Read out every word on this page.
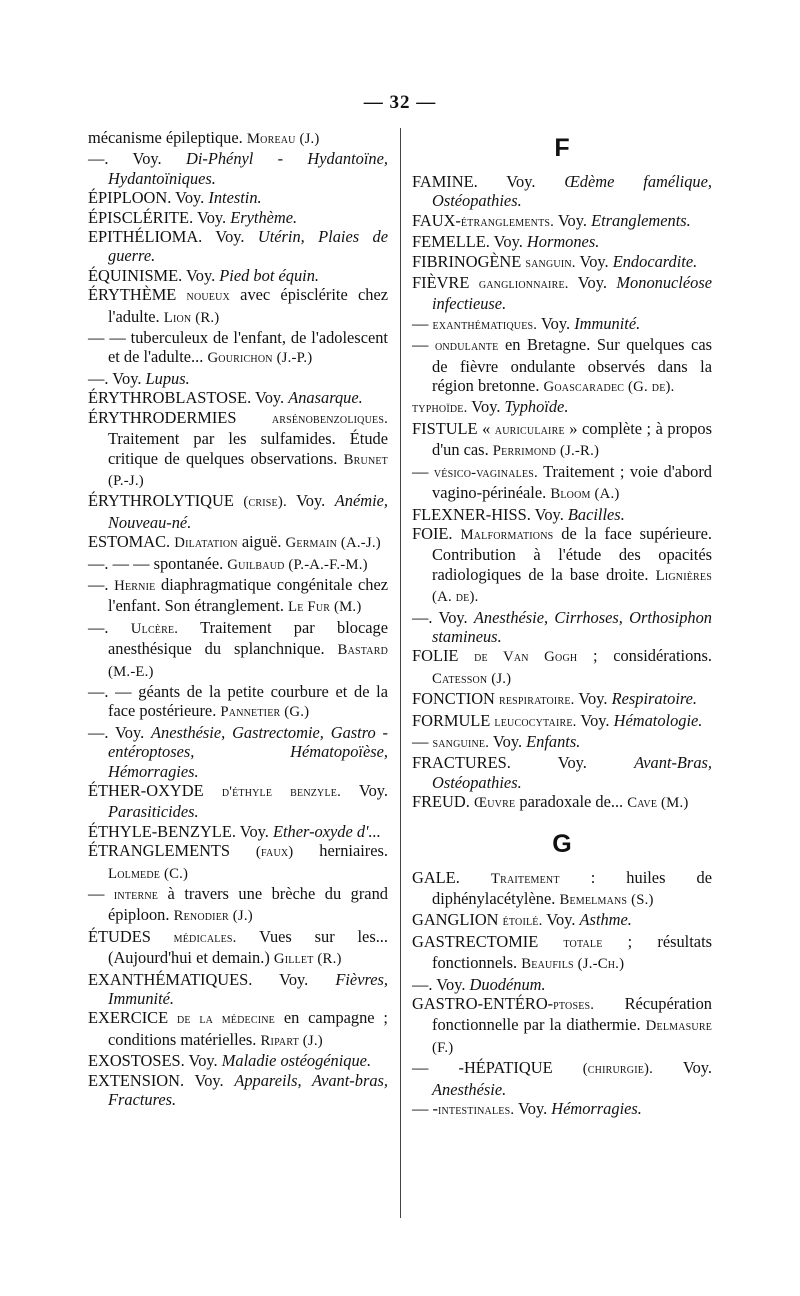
— 32 —

mécanisme épileptique. Moreau (J.)

—. Voy. Di-Phényl - Hydantoïne, Hydantoïniques.

ÉPIPLOON. Voy. Intestin.

ÉPISCLÉRITE. Voy. Erythème.

EPITHÉLIOMA. Voy. Utérin, Plaies de guerre.

ÉQUINISME. Voy. Pied bot équin.

ÉRYTHÈME noueux avec épisclérite chez l'adulte. Lion (R.)

— — tuberculeux de l'enfant, de l'adolescent et de l'adulte... Gourichon (J.-P.)

—. Voy. Lupus.

ÉRYTHROBLASTOSE. Voy. Anasarque.

ÉRYTHRODERMIES arsénobenzoliques. Traitement par les sulfamides. Étude critique de quelques observations. Brunet (P.-J.)

ÉRYTHROLYTIQUE (crise). Voy. Anémie, Nouveau-né.

ESTOMAC. Dilatation aiguë. Germain (A.-J.)

—. — — spontanée. Guilbaud (P.-A.-F.-M.)

—. Hernie diaphragmatique congénitale chez l'enfant. Son étranglement. Le Fur (M.)

—. Ulcère. Traitement par blocage anesthésique du splanchnique. Bastard (M.-E.)

—. — géants de la petite courbure et de la face postérieure. Pannetier (G.)

—. Voy. Anesthésie, Gastrectomie, Gastro - entéroptoses, Hématopoïèse, Hémorragies.

ÉTHER-OXYDE d'éthyle benzyle. Voy. Parasiticides.

ÉTHYLE-BENZYLE. Voy. Ether-oxyde d'...

ÉTRANGLEMENTS (faux) herniaires. Lolmede (C.)

— interne à travers une brèche du grand épiploon. Renodier (J.)

ÉTUDES médicales. Vues sur les... (Aujourd'hui et demain.) Gillet (R.)

EXANTHÉMATIQUES. Voy. Fièvres, Immunité.

EXERCICE de la médecine en campagne ; conditions matérielles. Ripart (J.)

EXOSTOSES. Voy. Maladie ostéogénique.

EXTENSION. Voy. Appareils, Avant-bras, Fractures.

F

FAMINE. Voy. Œdème famélique, Ostéopathies.

FAUX-étranglements. Voy. Etranglements.

FEMELLE. Voy. Hormones.

FIBRINOGÈNE sanguin. Voy. Endocardite.

FIÈVRE ganglionnaire. Voy. Mononucléose infectieuse.

— exanthématiques. Voy. Immunité.

— ondulante en Bretagne. Sur quelques cas de fièvre ondulante observés dans la région bretonne. Goascaradec (G. de).

typhoïde. Voy. Typhoïde.

FISTULE « auriculaire » complète ; à propos d'un cas. Perrimond (J.-R.)

— vésico-vaginales. Traitement ; voie d'abord vagino-périnéale. Bloom (A.)

FLEXNER-HISS. Voy. Bacilles.

FOIE. Malformations de la face supérieure. Contribution à l'étude des opacités radiologiques de la base droite. Lignières (A. de).

—. Voy. Anesthésie, Cirrhoses, Orthosiphon stamineus.

FOLIE de Van Gogh ; considérations. Catesson (J.)

FONCTION respiratoire. Voy. Respiratoire.

FORMULE leucocytaire. Voy. Hématologie.

— sanguine. Voy. Enfants.

FRACTURES. Voy. Avant-Bras, Ostéopathies.

FREUD. Œuvre paradoxale de... Cave (M.)

G

GALE. Traitement : huiles de diphénylacétylène. Bemelmans (S.)

GANGLION étoilé. Voy. Asthme.

GASTRECTOMIE totale ; résultats fonctionnels. Beaufils (J.-Ch.)

—. Voy. Duodénum.

GASTRO-ENTÉRO-ptoses. Récupération fonctionnelle par la diathermie. Delmasure (F.)

— -HÉPATIQUE (chirurgie). Voy. Anesthésie.

— -intestinales. Voy. Hémorragies.
